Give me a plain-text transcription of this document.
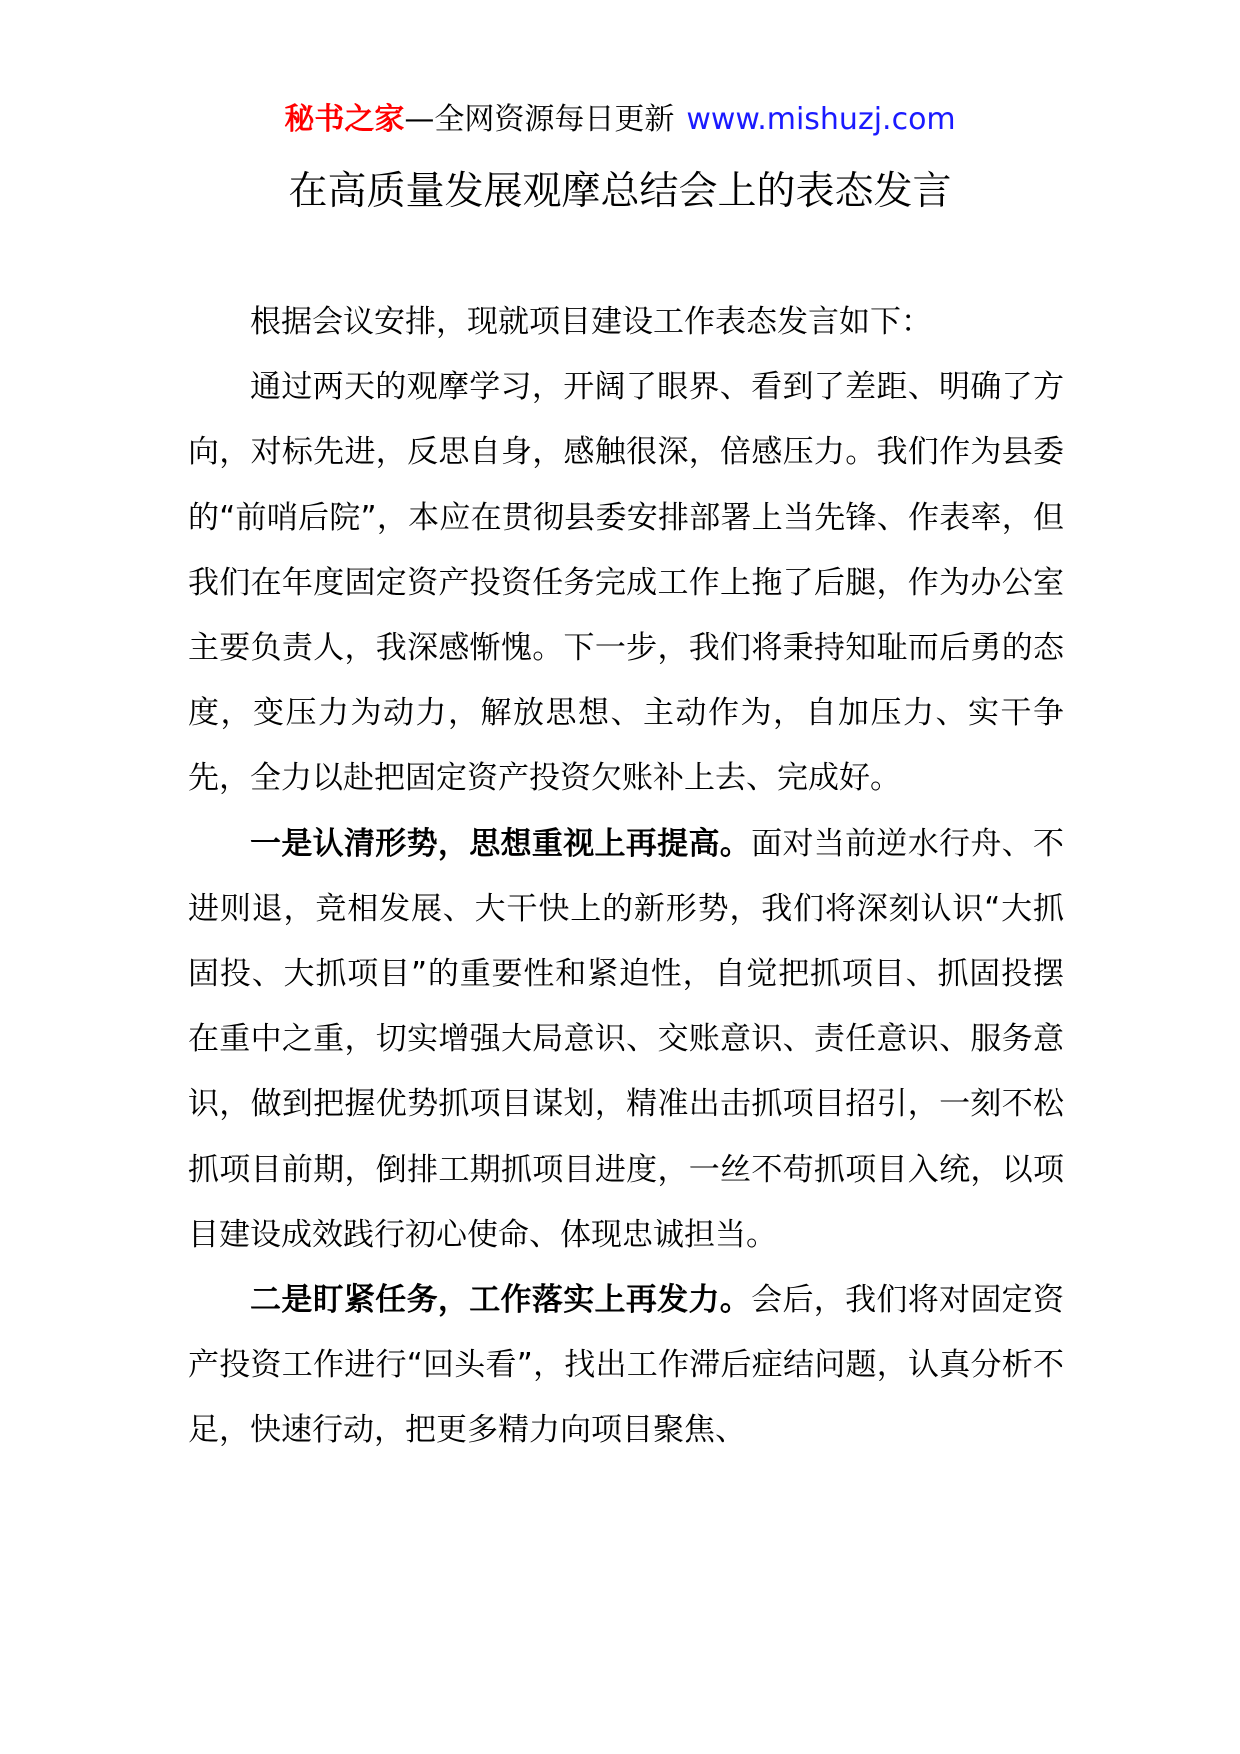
秘书之家—全网资源每日更新 www.mishuzj.com
在高质量发展观摩总结会上的表态发言

根据会议安排，现就项目建设工作表态发言如下：

通过两天的观摩学习，开阔了眼界、看到了差距、明确了方向，对标先进，反思自身，感触很深，倍感压力。我们作为县委的“前哨后院”，本应在贯彻县委安排部署上当先锋、作表率，但我们在年度固定资产投资任务完成工作上拖了后腿，作为办公室主要负责人，我深感惭愧。下一步，我们将秉持知耻而后勇的态度，变压力为动力，解放思想、主动作为，自加压力、实干争先，全力以赴把固定资产投资欠账补上去、完成好。

一是认清形势，思想重视上再提高。面对当前逆水行舟、不进则退，竞相发展、大干快上的新形势，我们将深刻认识“大抓固投、大抓项目”的重要性和紧迫性，自觉把抓项目、抓固投摆在重中之重，切实增强大局意识、交账意识、责任意识、服务意识，做到把握优势抓项目谋划，精准出击抓项目招引，一刻不松抓项目前期，倒排工期抓项目进度，一丝不苟抓项目入统，以项目建设成效践行初心使命、体现忠诚担当。

二是盯紧任务，工作落实上再发力。会后，我们将对固定资产投资工作进行“回头看”，找出工作滞后症结问题，认真分析不足，快速行动，把更多精力向项目聚焦、
